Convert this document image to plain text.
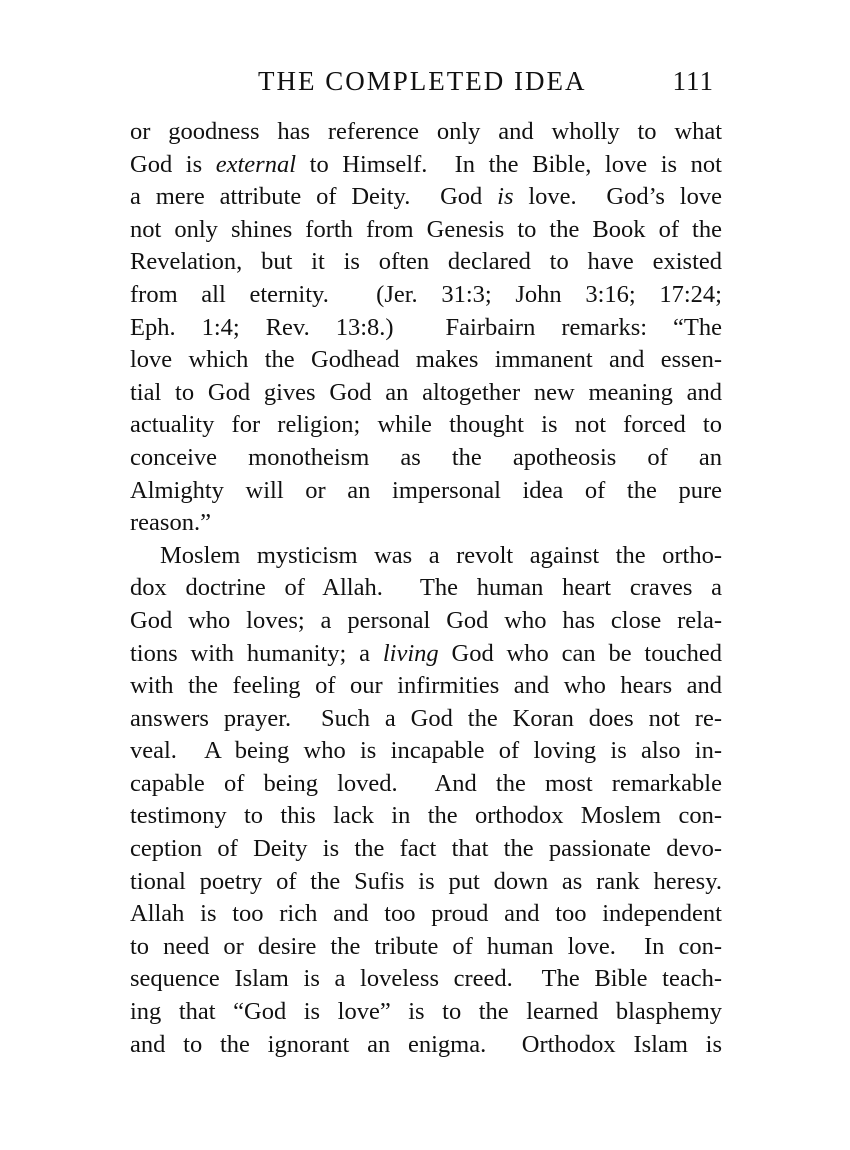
THE COMPLETED IDEA	111
or goodness has reference only and wholly to what
God is external to Himself.  In the Bible, love is not
a mere attribute of Deity.  God is love.  God’s love
not only shines forth from Genesis to the Book of the
Revelation, but it is often declared to have existed
from all eternity.  (Jer. 31:3; John 3:16; 17:24;
Eph. 1:4; Rev. 13:8.)  Fairbairn remarks: “The
love which the Godhead makes immanent and essen-
tial to God gives God an altogether new meaning and
actuality for religion; while thought is not forced to
conceive monotheism as the apotheosis of an
Almighty will or an impersonal idea of the pure
reason.”
Moslem mysticism was a revolt against the ortho-
dox doctrine of Allah.  The human heart craves a
God who loves; a personal God who has close rela-
tions with humanity; a living God who can be touched
with the feeling of our infirmities and who hears and
answers prayer.  Such a God the Koran does not re-
veal.  A being who is incapable of loving is also in-
capable of being loved.  And the most remarkable
testimony to this lack in the orthodox Moslem con-
ception of Deity is the fact that the passionate devo-
tional poetry of the Sufis is put down as rank heresy.
Allah is too rich and too proud and too independent
to need or desire the tribute of human love.  In con-
sequence Islam is a loveless creed.  The Bible teach-
ing that “God is love” is to the learned blasphemy
and to the ignorant an enigma.  Orthodox Islam is
